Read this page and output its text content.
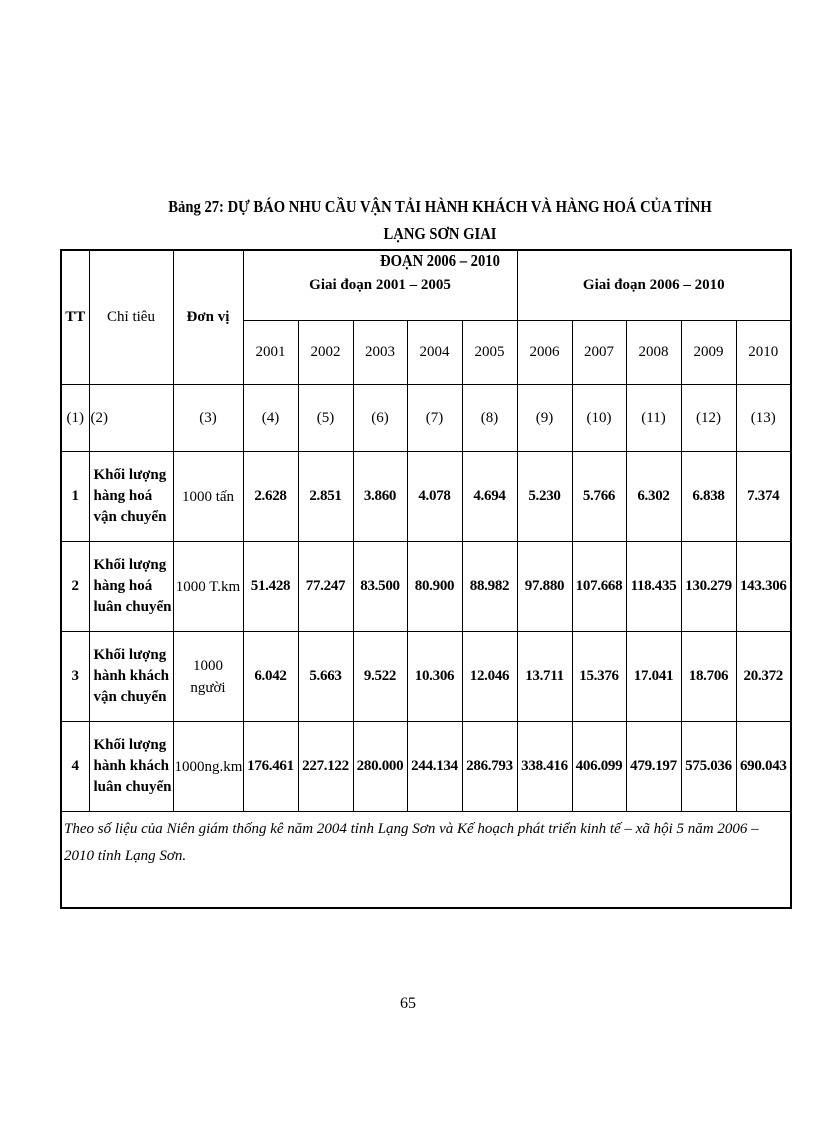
Bảng 27: DỰ BÁO NHU CẦU VẬN TẢI HÀNH KHÁCH VÀ HÀNG HOÁ CỦA TỈNH LẠNG SƠN GIAI
ĐOẠN 2006 – 2010
TT	Chỉ tiêu	Đơn vị	Giai đoạn 2001 – 2005					Giai đoạn 2006 – 2010				
			2001	2002	2003	2004	2005	2006	2007	2008	2009	2010
(1)	(2)	(3)	(4)	(5)	(6)	(7)	(8)	(9)	(10)	(11)	(12)	(13)
1	Khối lượng hàng hoá vận chuyển	1000 tấn	2.628	2.851	3.860	4.078	4.694	5.230	5.766	6.302	6.838	7.374
2	Khối lượng hàng hoá luân chuyển	1000 T.km	51.428	77.247	83.500	80.900	88.982	97.880	107.668	118.435	130.279	143.306
3	Khối lượng hành khách vận chuyển	1000 người	6.042	5.663	9.522	10.306	12.046	13.711	15.376	17.041	18.706	20.372
4	Khối lượng hành khách luân chuyển	1000ng.km	176.461	227.122	280.000	244.134	286.793	338.416	406.099	479.197	575.036	690.043
Theo số liệu của Niên giám thống kê năm 2004 tỉnh Lạng Sơn và Kế hoạch phát triển kinh tế – xã hội 5 năm 2006 – 2010 tỉnh Lạng Sơn.												
65
